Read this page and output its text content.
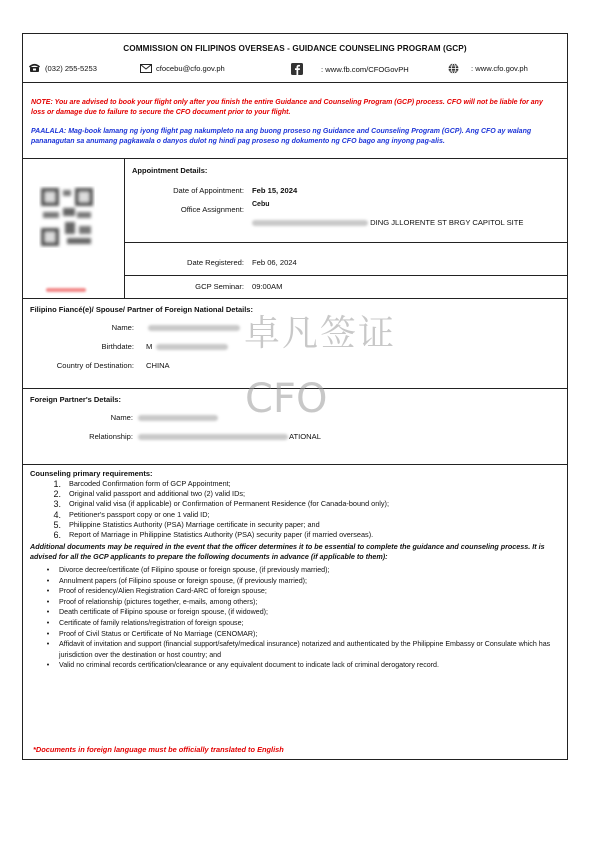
COMMISSION ON FILIPINOS OVERSEAS - GUIDANCE COUNSELING PROGRAM (GCP)
(032) 255-5253	cfocebu@cfo.gov.ph	: www.fb.com/CFOGovPH	: www.cfo.gov.ph
NOTE: You are advised to book your flight only after you finish the entire Guidance and Counseling Program (GCP) process. CFO will not be liable for any loss or damage due to failure to secure the CFO document prior to your flight.
PAALALA: Mag-book lamang ng iyong flight pag nakumpleto na ang buong proseso ng Guidance and Counseling Program (GCP). Ang CFO ay walang pananagutan sa anumang pagkawala o danyos dulot ng hindi pag proseso ng dokumento ng CFO bago ang inyong pag-alis.
Appointment Details:
Date of Appointment: Feb 15, 2024
Office Assignment:
Cebu
DING JLLORENTE ST BRGY CAPITOL SITE
Date Registered: Feb 06, 2024
GCP Seminar: 09:00AM
Filipino Fiancé(e)/ Spouse/ Partner of Foreign National Details:
Name:
Birthdate: M
Country of Destination: CHINA
Foreign Partner's Details:
Name:
Relationship:	ATIONAL
Counseling primary requirements:
1.	Barcoded Confirmation form of GCP Appointment;
2.	Original valid passport and additional two (2) valid IDs;
3.	Original valid visa (if applicable) or Confirmation of Permanent Residence (for Canada-bound only);
4.	Petitioner's passport copy or one 1 valid ID;
5.	Philippine Statistics Authority (PSA) Marriage certificate in security paper; and
6.	Report of Marriage in Philippine Statistics Authority (PSA) security paper (if married overseas).
Additional documents may be required in the event that the officer determines it to be essential to complete the guidance and counseling process. It is advised for all the GCP applicants to prepare the following documents in advance (if applicable to them):
•	Divorce decree/certificate (of Filipino spouse or foreign spouse, (if previously married);
•	Annulment papers (of Filipino spouse or foreign spouse, (if previously married);
•	Proof of residency/Alien Registration Card-ARC of foreign spouse;
•	Proof of relationship (pictures together, e-mails, among others);
•	Death certificate of Filipino spouse or foreign spouse, (if widowed);
•	Certificate of family relations/registration of foreign spouse;
•	Proof of Civil Status or Certificate of No Marriage (CENOMAR);
•	Affidavit of invitation and support (financial support/safety/medical insurance) notarized and authenticated by the Philippine Embassy or Consulate which has jurisdiction over the destination or host country; and
•	Valid no criminal records certification/clearance or any equivalent document to indicate lack of criminal derogatory record.
*Documents in foreign language must be officially translated to English
卓凡签证
CFO
